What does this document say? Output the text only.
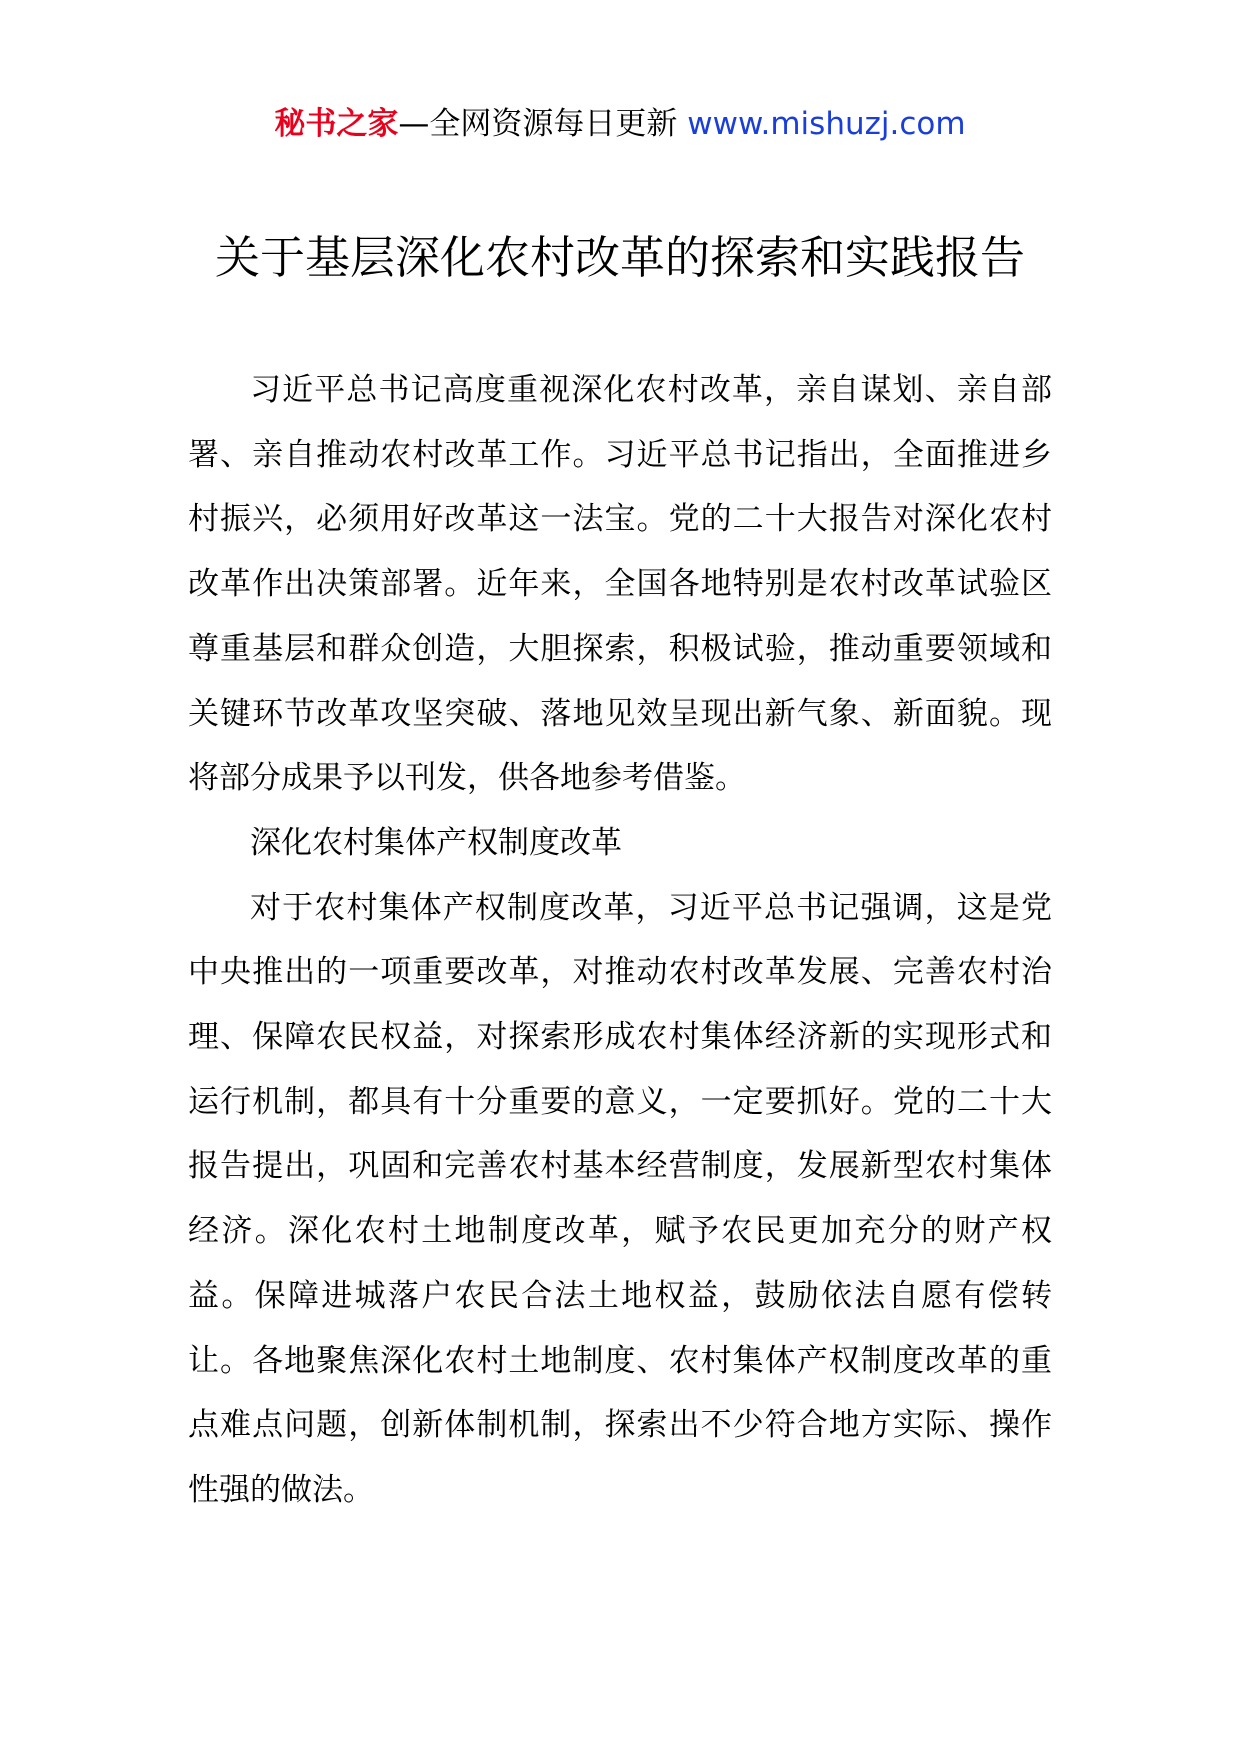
秘书之家—全网资源每日更新 www.mishuzj.com
关于基层深化农村改革的探索和实践报告

习近平总书记高度重视深化农村改革，亲自谋划、亲自部署、亲自推动农村改革工作。习近平总书记指出，全面推进乡村振兴，必须用好改革这一法宝。党的二十大报告对深化农村改革作出决策部署。近年来，全国各地特别是农村改革试验区尊重基层和群众创造，大胆探索，积极试验，推动重要领域和关键环节改革攻坚突破、落地见效呈现出新气象、新面貌。现将部分成果予以刊发，供各地参考借鉴。

深化农村集体产权制度改革

对于农村集体产权制度改革，习近平总书记强调，这是党中央推出的一项重要改革，对推动农村改革发展、完善农村治理、保障农民权益，对探索形成农村集体经济新的实现形式和运行机制，都具有十分重要的意义，一定要抓好。党的二十大报告提出，巩固和完善农村基本经营制度，发展新型农村集体经济。深化农村土地制度改革，赋予农民更加充分的财产权益。保障进城落户农民合法土地权益，鼓励依法自愿有偿转让。各地聚焦深化农村土地制度、农村集体产权制度改革的重点难点问题，创新体制机制，探索出不少符合地方实际、操作性强的做法。
